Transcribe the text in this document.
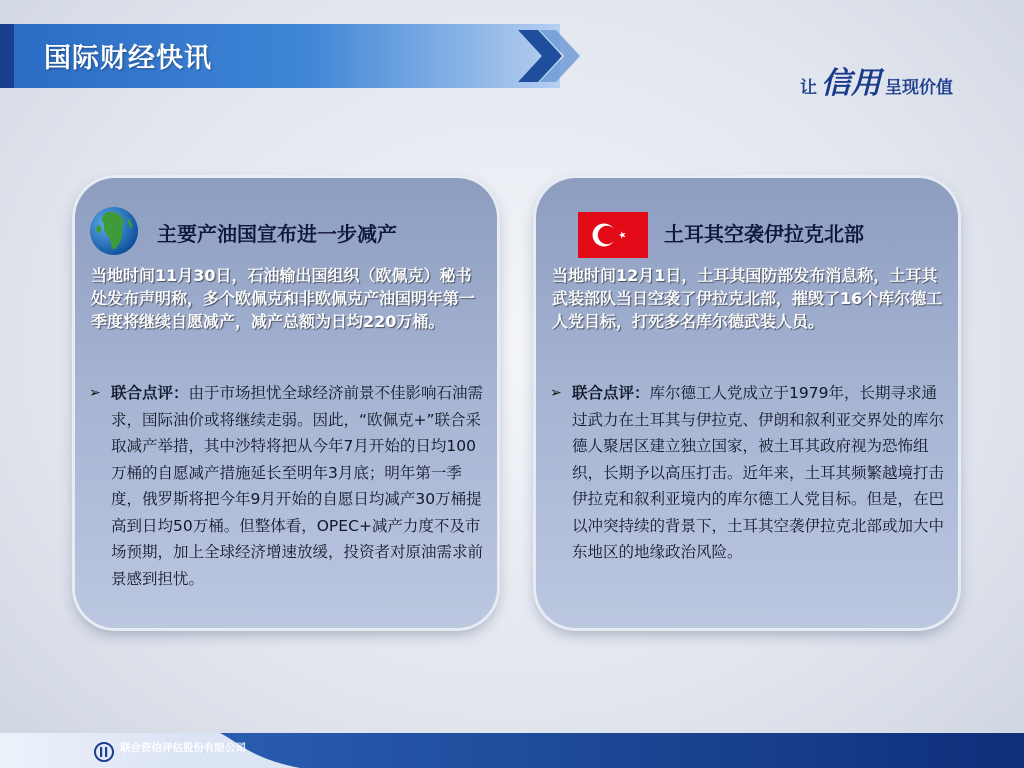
国际财经快讯
让 信用 呈现价值
主要产油国宣布进一步减产
当地时间11月30日，石油输出国组织（欧佩克）秘书处发布声明称，多个欧佩克和非欧佩克产油国明年第一季度将继续自愿减产，减产总额为日均220万桶。
➢ 联合点评：由于市场担忧全球经济前景不佳影响石油需求，国际油价或将继续走弱。因此，“欧佩克+”联合采取减产举措，其中沙特将把从今年7月开始的日均100万桶的自愿减产措施延长至明年3月底；明年第一季度，俄罗斯将把今年9月开始的自愿日均减产30万桶提高到日均50万桶。但整体看，OPEC+减产力度不及市场预期，加上全球经济增速放缓，投资者对原油需求前景感到担忧。
土耳其空袭伊拉克北部
当地时间12月1日，土耳其国防部发布消息称，土耳其武装部队当日空袭了伊拉克北部，摧毁了16个库尔德工人党目标，打死多名库尔德武装人员。
➢ 联合点评：库尔德工人党成立于1979年，长期寻求通过武力在土耳其与伊拉克、伊朗和叙利亚交界处的库尔德人聚居区建立独立国家，被土耳其政府视为恐怖组织，长期予以高压打击。近年来，土耳其频繁越境打击伊拉克和叙利亚境内的库尔德工人党目标。但是，在巴以冲突持续的背景下，土耳其空袭伊拉克北部或加大中东地区的地缘政治风险。
联合资信评估股份有限公司
China Lianhe Credit Rating Co.,Ltd.
